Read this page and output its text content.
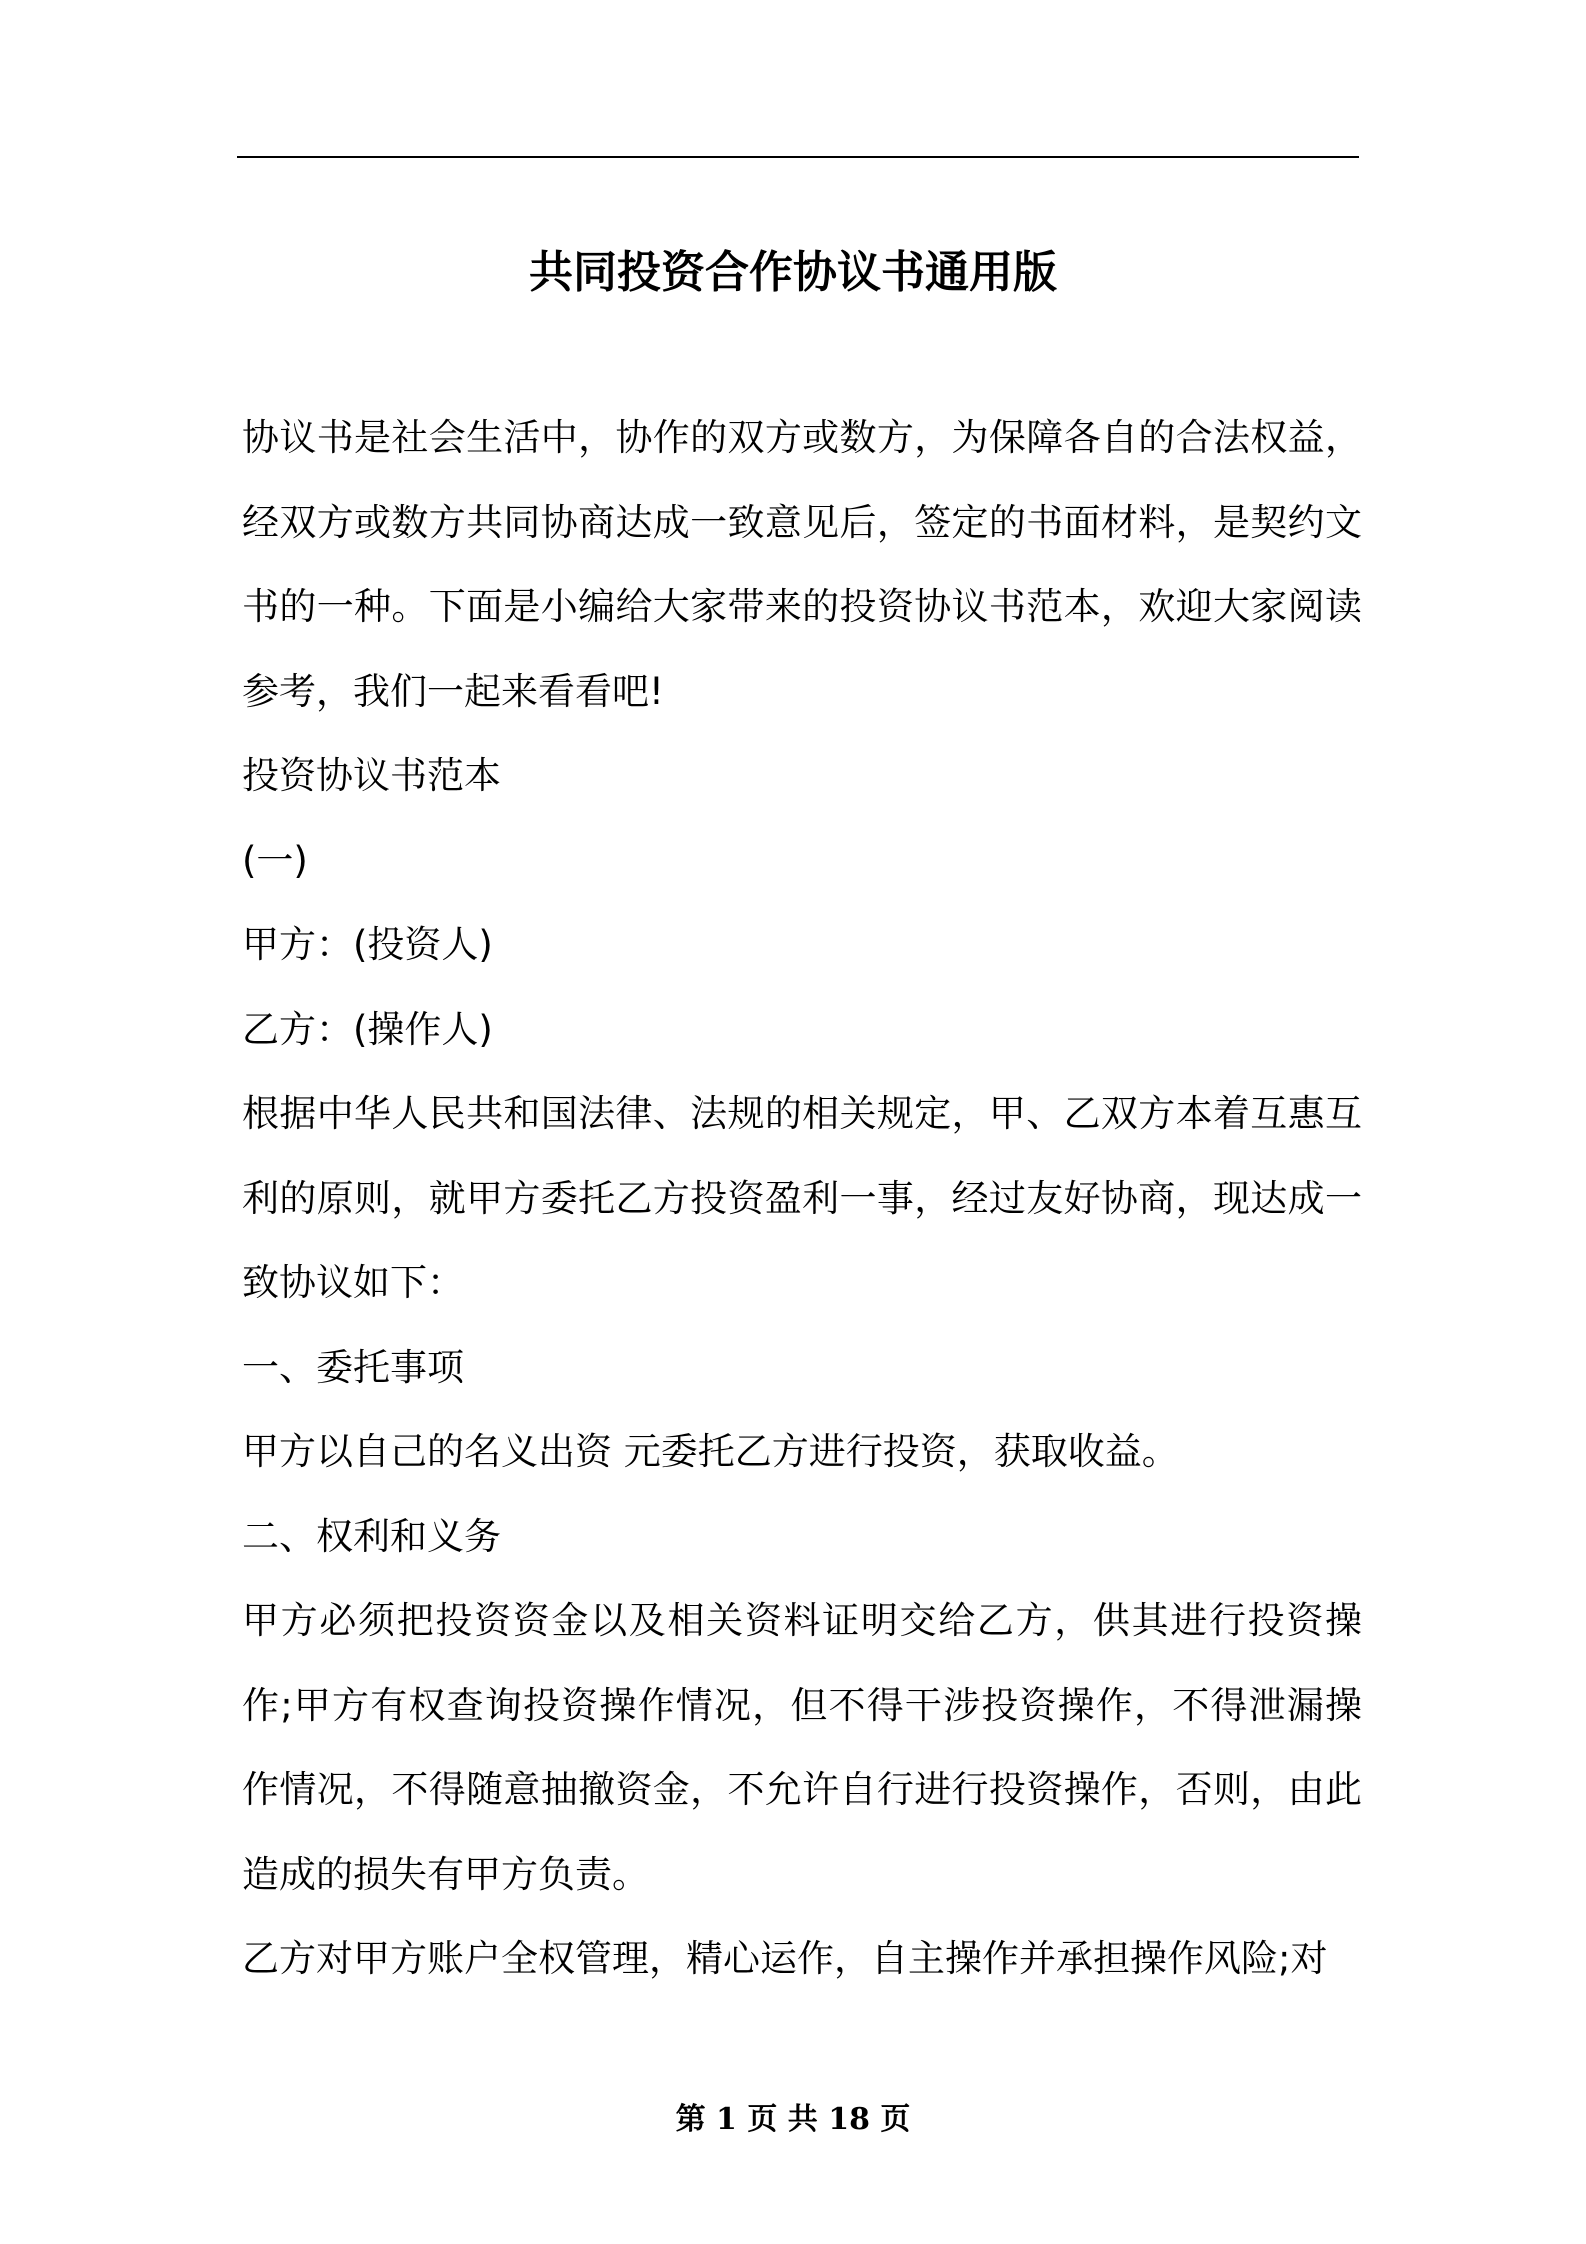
共同投资合作协议书通用版

协议书是社会生活中，协作的双方或数方，为保障各自的合法权益，经双方或数方共同协商达成一致意见后，签定的书面材料，是契约文书的一种。下面是小编给大家带来的投资协议书范本，欢迎大家阅读参考，我们一起来看看吧!

投资协议书范本

(一)

甲方：(投资人)

乙方：(操作人)

根据中华人民共和国法律、法规的相关规定，甲、乙双方本着互惠互利的原则，就甲方委托乙方投资盈利一事，经过友好协商，现达成一致协议如下：

一、委托事项

甲方以自己的名义出资 元委托乙方进行投资，获取收益。

二、权利和义务

甲方必须把投资资金以及相关资料证明交给乙方，供其进行投资操作;甲方有权查询投资操作情况，但不得干涉投资操作，不得泄漏操作情况，不得随意抽撤资金，不允许自行进行投资操作，否则，由此造成的损失有甲方负责。

乙方对甲方账户全权管理，精心运作，自主操作并承担操作风险;对

第 1 页 共 18 页
